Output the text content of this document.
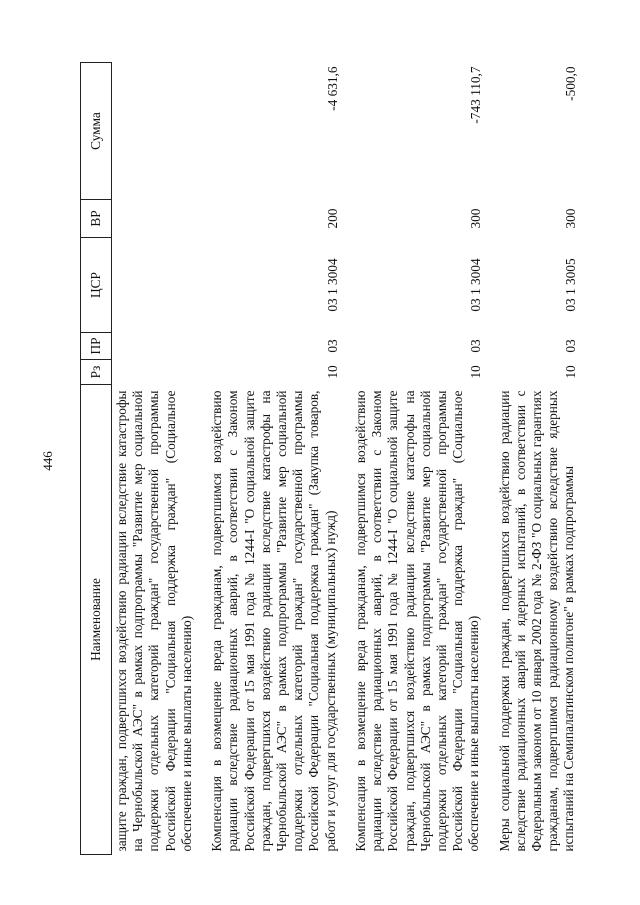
446
Наименование	Рз	ПР	ЦСР	ВР	Сумма
защите граждан, подвергшихся воздействию радиации вследствие катастрофы на Чернобыльской АЭС" в рамках подпрограммы "Развитие мер социальной поддержки отдельных категорий граждан" государственной программы Российской Федерации "Социальная поддержка граждан" (Социальное обеспечение и иные выплаты населению)					

Компенсация в возмещение вреда гражданам, подвергшимся воздействию радиации вследствие радиационных аварий, в соответствии с Законом Российской Федерации от 15 мая 1991 года № 1244-I "О социальной защите граждан, подвергшихся воздействию радиации вследствие катастрофы на Чернобыльской АЭС" в рамках подпрограммы "Развитие мер социальной поддержки отдельных категорий граждан" государственной программы Российской Федерации "Социальная поддержка граждан" (Закупка товаров, работ и услуг для государственных (муниципальных) нужд)	10	03	03 1 3004	200	-4 631,6

Компенсация в возмещение вреда гражданам, подвергшимся воздействию радиации вследствие радиационных аварий, в соответствии с Законом Российской Федерации от 15 мая 1991 года № 1244-I "О социальной защите граждан, подвергшихся воздействию радиации вследствие катастрофы на Чернобыльской АЭС" в рамках подпрограммы "Развитие мер социальной поддержки отдельных категорий граждан" государственной программы Российской Федерации "Социальная поддержка граждан" (Социальное обеспечение и иные выплаты населению)	10	03	03 1 3004	300	-743 110,7

Меры социальной поддержки граждан, подвергшихся воздействию радиации вследствие радиационных аварий и ядерных испытаний, в соответствии с Федеральным законом от 10 января 2002 года № 2-ФЗ "О социальных гарантиях гражданам, подвергшимся радиационному воздействию вследствие ядерных испытаний на Семипалатинском полигоне" в рамках подпрограммы	10	03	03 1 3005	300	-500,0
